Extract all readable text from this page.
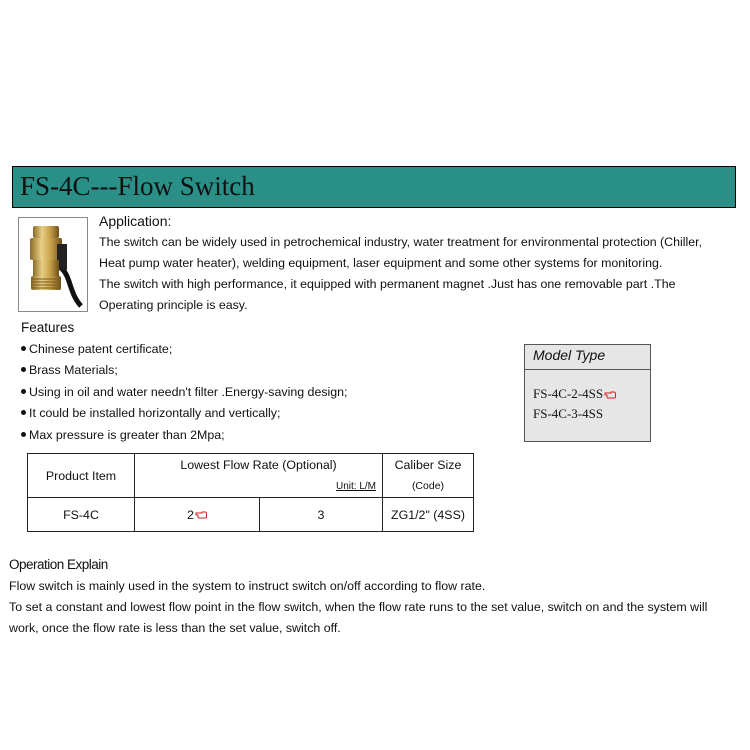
FS-4C---Flow Switch
Application:
The switch can be widely used in petrochemical industry, water treatment for environmental protection (Chiller,
Heat pump water heater), welding equipment, laser equipment and some other systems for monitoring.
The switch with high performance, it equipped with permanent magnet .Just has one removable part .The
Operating principle is easy.
Features
Chinese patent certificate;
Brass Materials;
Using in oil and water needn't filter .Energy-saving design;
It could be installed horizontally and vertically;
Max pressure is greater than 2Mpa;
Model Type
FS-4C-2-4SS
FS-4C-3-4SS
Product Item	Lowest Flow Rate (Optional)		Caliber Size
	Unit: L/M		(Code)
FS-4C	2	3	ZG1/2" (4SS)
Operation Explain
Flow switch is mainly used in the system to instruct switch on/off according to flow rate.
To set a constant and lowest flow point in the flow switch, when the flow rate runs to the set value, switch on and the system will
work, once the flow rate is less than the set value, switch off.
